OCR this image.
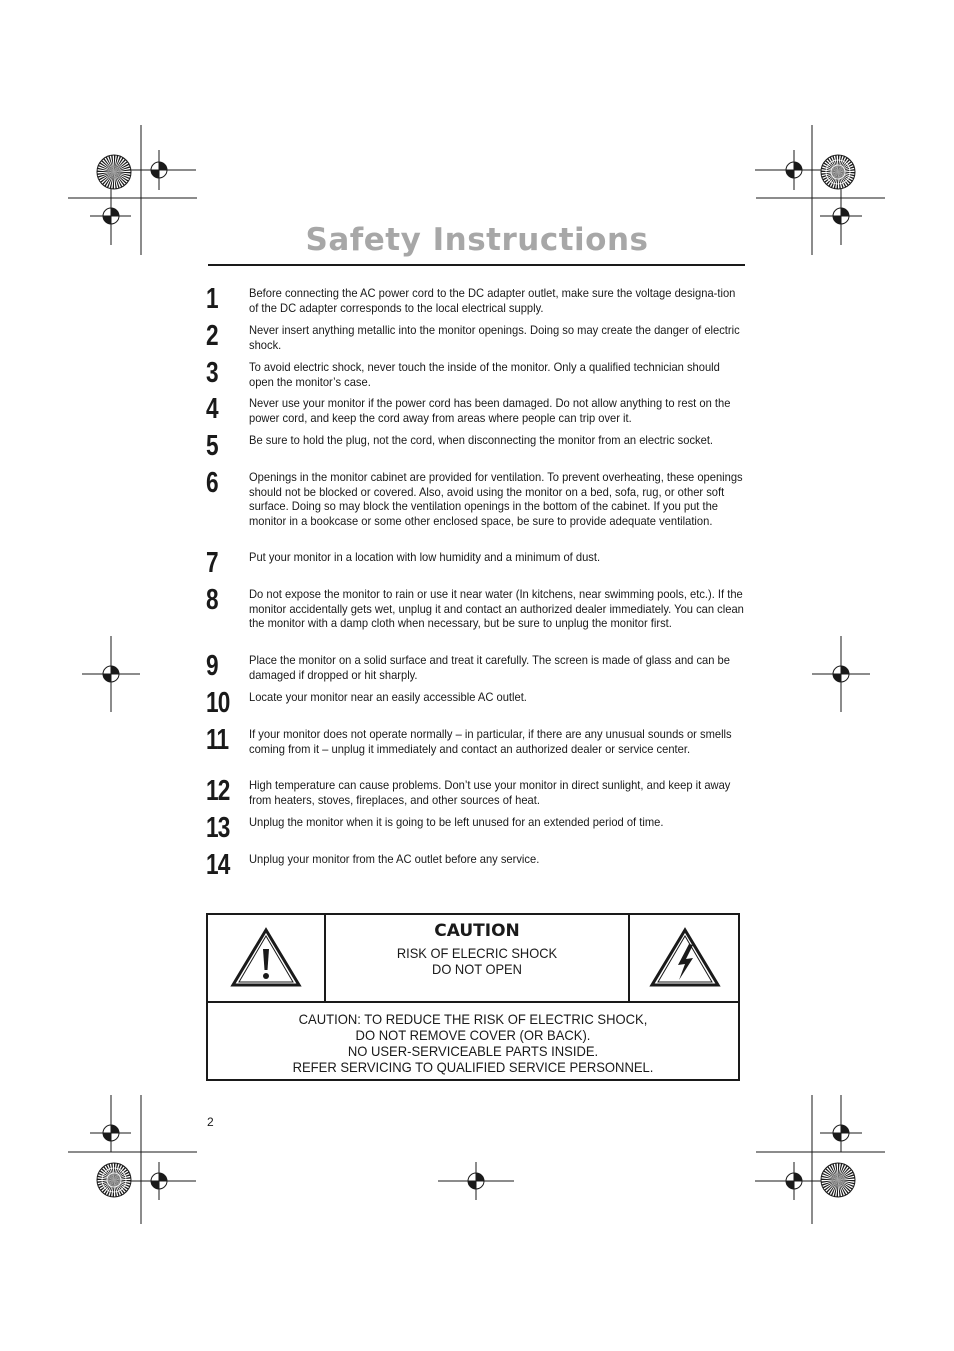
Safety Instructions
1	Before connecting the AC power cord to the DC adapter outlet, make sure the voltage designa-tion of the DC adapter corresponds to the local electrical supply.
2	Never insert anything metallic into the monitor openings. Doing so may create the danger of electric shock.
3	To avoid electric shock, never touch the inside of the monitor. Only a qualified technician should open the monitor’s case.
4	Never use your monitor if the power cord has been damaged. Do not allow anything to rest on the power cord, and keep the cord away from areas where people can trip over it.
5	Be sure to hold the plug, not the cord, when disconnecting the monitor from an electric socket.
6	Openings in the monitor cabinet are provided for ventilation. To prevent overheating, these openings should not be blocked or covered. Also, avoid using the monitor on a bed, sofa, rug, or other soft surface. Doing so may block the ventilation openings in the bottom of the cabinet. If you put the monitor in a bookcase or some other enclosed space, be sure to provide adequate ventilation.
7	Put your monitor in a location with low humidity and a minimum of dust.
8	Do not expose the monitor to rain or use it near water (In kitchens, near swimming pools, etc.). If the monitor accidentally gets wet, unplug it and contact an authorized dealer immediately. You can clean the monitor with a damp cloth when necessary, but be sure to unplug the monitor first.
9	Place the monitor on a solid surface and treat it carefully. The screen is made of glass and can be damaged if dropped or hit sharply.
10 Locate your monitor near an easily accessible AC outlet.
11 If your monitor does not operate normally – in particular, if there are any unusual sounds or smells coming from it – unplug it immediately and contact an authorized dealer or service center.
12 High temperature can cause problems. Don’t use your monitor in direct sunlight, and keep it away from heaters, stoves, fireplaces, and other sources of heat.
13 Unplug the monitor when it is going to be left unused for an extended period of time.
14 Unplug your monitor from the AC outlet before any service.
CAUTION
RISK OF ELECRIC SHOCK
DO NOT OPEN
CAUTION: TO REDUCE THE RISK OF ELECTRIC SHOCK,
DO NOT REMOVE COVER (OR BACK).
NO USER-SERVICEABLE PARTS INSIDE.
REFER SERVICING TO QUALIFIED SERVICE PERSONNEL.
2
